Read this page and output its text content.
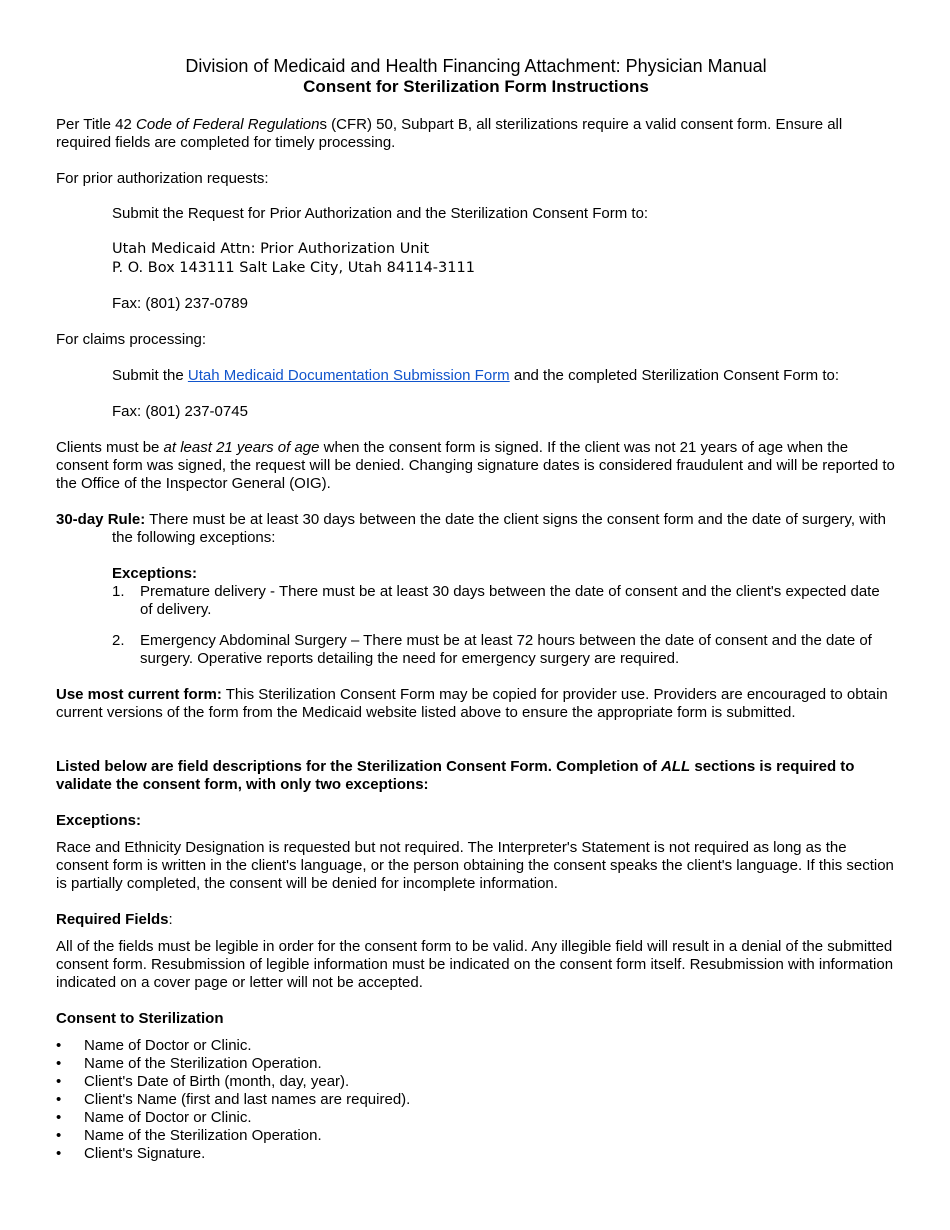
Division of Medicaid and Health Financing Attachment: Physician Manual
Consent for Sterilization Form Instructions

Per Title 42 Code of Federal Regulations (CFR) 50, Subpart B, all sterilizations require a valid consent form. Ensure all required fields are completed for timely processing.

For prior authorization requests:

Submit the Request for Prior Authorization and the Sterilization Consent Form to:

Utah Medicaid Attn: Prior Authorization Unit
P. O. Box 143111 Salt Lake City, Utah 84114-3111

Fax: (801) 237-0789

For claims processing:

Submit the Utah Medicaid Documentation Submission Form and the completed Sterilization Consent Form to:

Fax: (801) 237-0745

Clients must be at least 21 years of age when the consent form is signed. If the client was not 21 years of age when the consent form was signed, the request will be denied. Changing signature dates is considered fraudulent and will be reported to the Office of the Inspector General (OIG).

30-day Rule: There must be at least 30 days between the date the client signs the consent form and the date of surgery, with the following exceptions:

Exceptions:

1. Premature delivery - There must be at least 30 days between the date of consent and the client's expected date of delivery.
2. Emergency Abdominal Surgery – There must be at least 72 hours between the date of consent and the date of surgery. Operative reports detailing the need for emergency surgery are required.

Use most current form: This Sterilization Consent Form may be copied for provider use. Providers are encouraged to obtain current versions of the form from the Medicaid website listed above to ensure the appropriate form is submitted.

Listed below are field descriptions for the Sterilization Consent Form. Completion of ALL sections is required to validate the consent form, with only two exceptions:

Exceptions:

Race and Ethnicity Designation is requested but not required. The Interpreter's Statement is not required as long as the consent form is written in the client's language, or the person obtaining the consent speaks the client's language. If this section is partially completed, the consent will be denied for incomplete information.

Required Fields:

All of the fields must be legible in order for the consent form to be valid. Any illegible field will result in a denial of the submitted consent form. Resubmission of legible information must be indicated on the consent form itself. Resubmission with information indicated on a cover page or letter will not be accepted.

Consent to Sterilization

• Name of Doctor or Clinic.
• Name of the Sterilization Operation.
• Client's Date of Birth (month, day, year).
• Client's Name (first and last names are required).
• Name of Doctor or Clinic.
• Name of the Sterilization Operation.
• Client's Signature.
